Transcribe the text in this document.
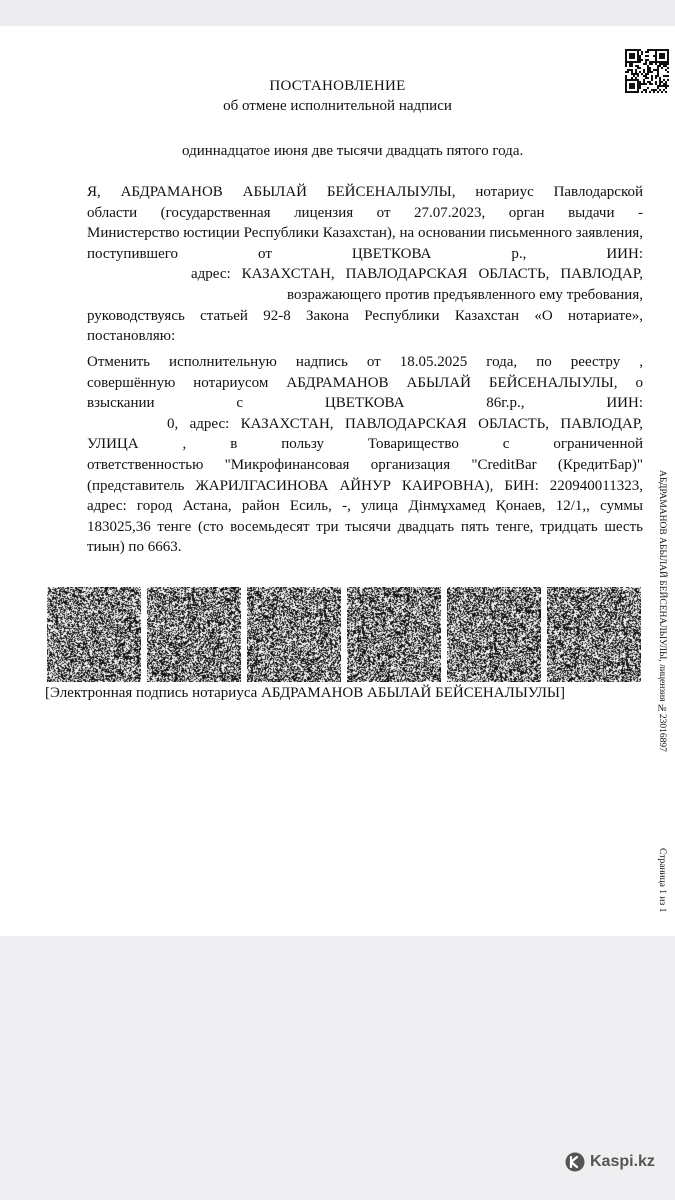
ПОСТАНОВЛЕНИЕ
об отмене исполнительной надписи
одиннадцатое июня две тысячи двадцать пятого года.
Я, АБДРАМАНОВ АБЫЛАЙ БЕЙСЕНАЛЫУЛЫ, нотариус Павлодарской
области (государственная лицензия от 27.07.2023, орган выдачи -
Министерство юстиции Республики Казахстан), на основании письменного заявления,
поступившего от ЦВЕТКОВА р., ИИН:
адрес: КАЗАХСТАН, ПАВЛОДАРСКАЯ ОБЛАСТЬ, ПАВЛОДАР,
возражающего против предъявленного ему требования,
руководствуясь статьей 92-8 Закона Республики Казахстан «О нотариате»,
постановляю:
Отменить исполнительную надпись от 18.05.2025 года, по реестру ,
совершённую нотариусом АБДРАМАНОВ АБЫЛАЙ БЕЙСЕНАЛЫУЛЫ, о
взыскании с ЦВЕТКОВА 86г.р., ИИН:
0, адрес: КАЗАХСТАН, ПАВЛОДАРСКАЯ ОБЛАСТЬ, ПАВЛОДАР,
УЛИЦА , в пользу Товарищество с ограниченной
ответственностью "Микрофинансовая организация "CreditBar (КредитБар)"
(представитель ЖАРИЛГАСИНОВА АЙНУР КАИРОВНА), БИН: 220940011323,
адрес: город Астана, район Есиль, -, улица Дінмұхамед Қонаев, 12/1,, суммы
183025,36 тенге (сто восемьдесят три тысячи двадцать пять тенге, тридцать шесть
тиын) по 6663.
[Электронная подпись нотариуса АБДРАМАНОВ АБЫЛАЙ БЕЙСЕНАЛЫУЛЫ]	АБДРАМАНОВ АБЫЛАЙ БЕЙСЕНАЛЫУЛЫ, лицензия №23016897
Страница 1 из 1
Kaspi.kz
